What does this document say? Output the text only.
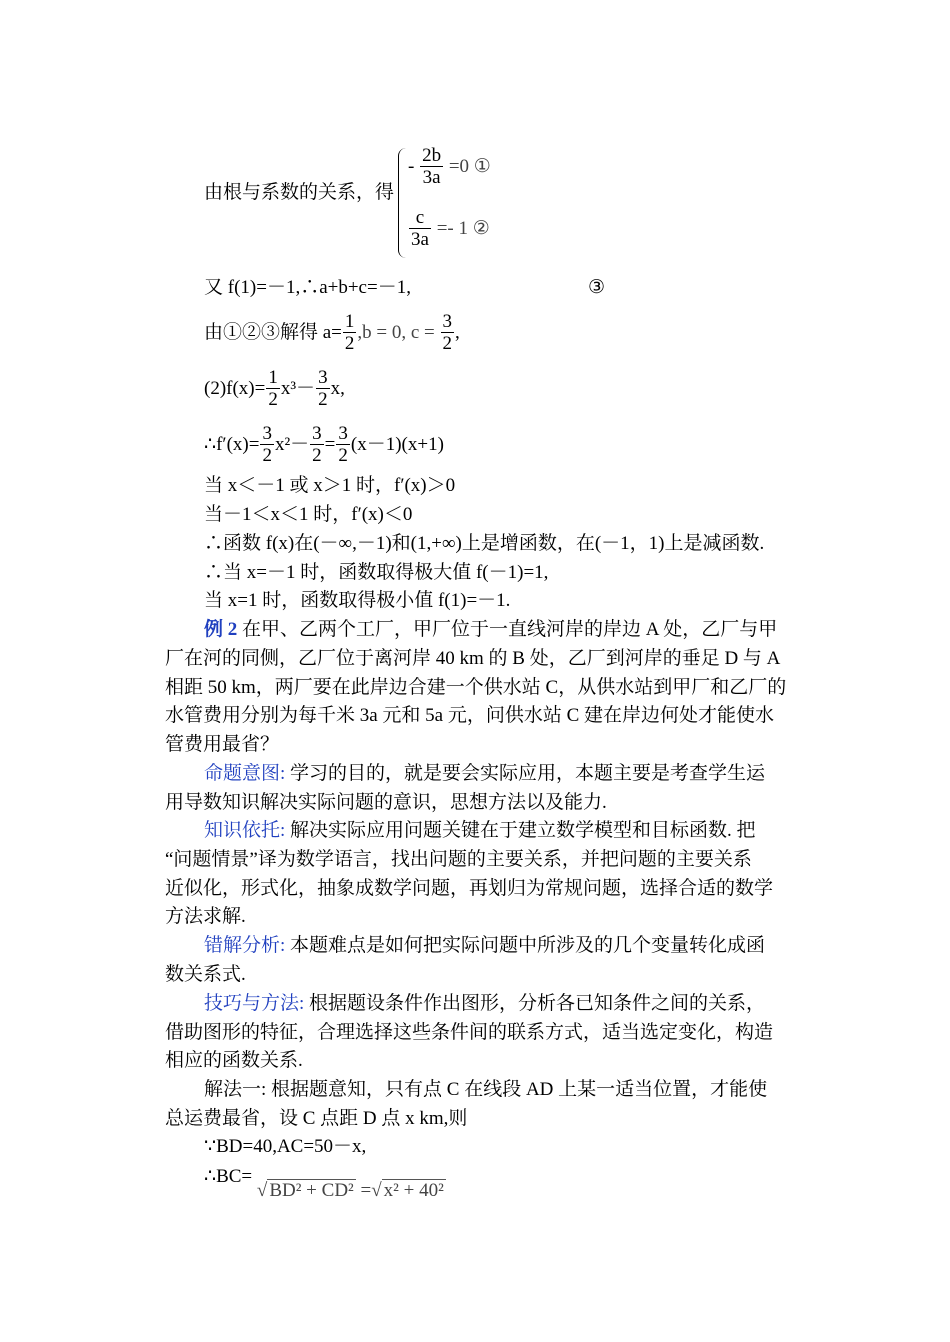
由根与系数的关系，得
- $\frac{2b}{3a} =0$ ①
$\frac{c}{3a} =- 1$ ②
又 f(1)=－1,∴a+b+c=－1,	③
由①②③解得 $a= \frac{1}{2} ,b = 0$, $c = \frac{3}{2}$ ,
$(2)f(x)= \frac{1}{2} x^3- \frac{3}{2} x$,
∴f′(x)= $\frac{3}{2} x^2- \frac{3}{2} = \frac{3}{2} (x-1)(x+1)$
当 x＜－1 或 x＞1 时，f′(x)＞0
当－1＜x＜1 时，f′(x)＜0
∴函数 f(x)在(－∞,－1)和(1,+∞)上是增函数，在(－1，1)上是减函数.
∴当 x=－1 时，函数取得极大值 f(－1)=1,
当 x=1 时，函数取得极小值 f(1)=－1.
例 2 在甲、乙两个工厂，甲厂位于一直线河岸的岸边 A 处，乙厂与甲
厂在河的同侧，乙厂位于离河岸 40 km 的 B 处，乙厂到河岸的垂足 D 与 A
相距 50 km，两厂要在此岸边合建一个供水站 C，从供水站到甲厂和乙厂的
水管费用分别为每千米 3a 元和 5a 元，问供水站 C 建在岸边何处才能使水
管费用最省？
命题意图: 学习的目的，就是要会实际应用，本题主要是考查学生运
用导数知识解决实际问题的意识，思想方法以及能力.
知识依托: 解决实际应用问题关键在于建立数学模型和目标函数. 把
“问题情景”译为数学语言，找出问题的主要关系，并把问题的主要关系
近似化，形式化，抽象成数学问题，再划归为常规问题，选择合适的数学
方法求解.
错解分析: 本题难点是如何把实际问题中所涉及的几个变量转化成函
数关系式.
技巧与方法: 根据题设条件作出图形，分析各已知条件之间的关系，
借助图形的特征，合理选择这些条件间的联系方式，适当选定变化，构造
相应的函数关系.
解法一: 根据题意知，只有点 C 在线段 AD 上某一适当位置，才能使
总运费最省，设 C 点距 D 点 x km,则
∵BD=40,AC=50－x,
∴BC= √ BD² + CD² =√ x² + 40²
